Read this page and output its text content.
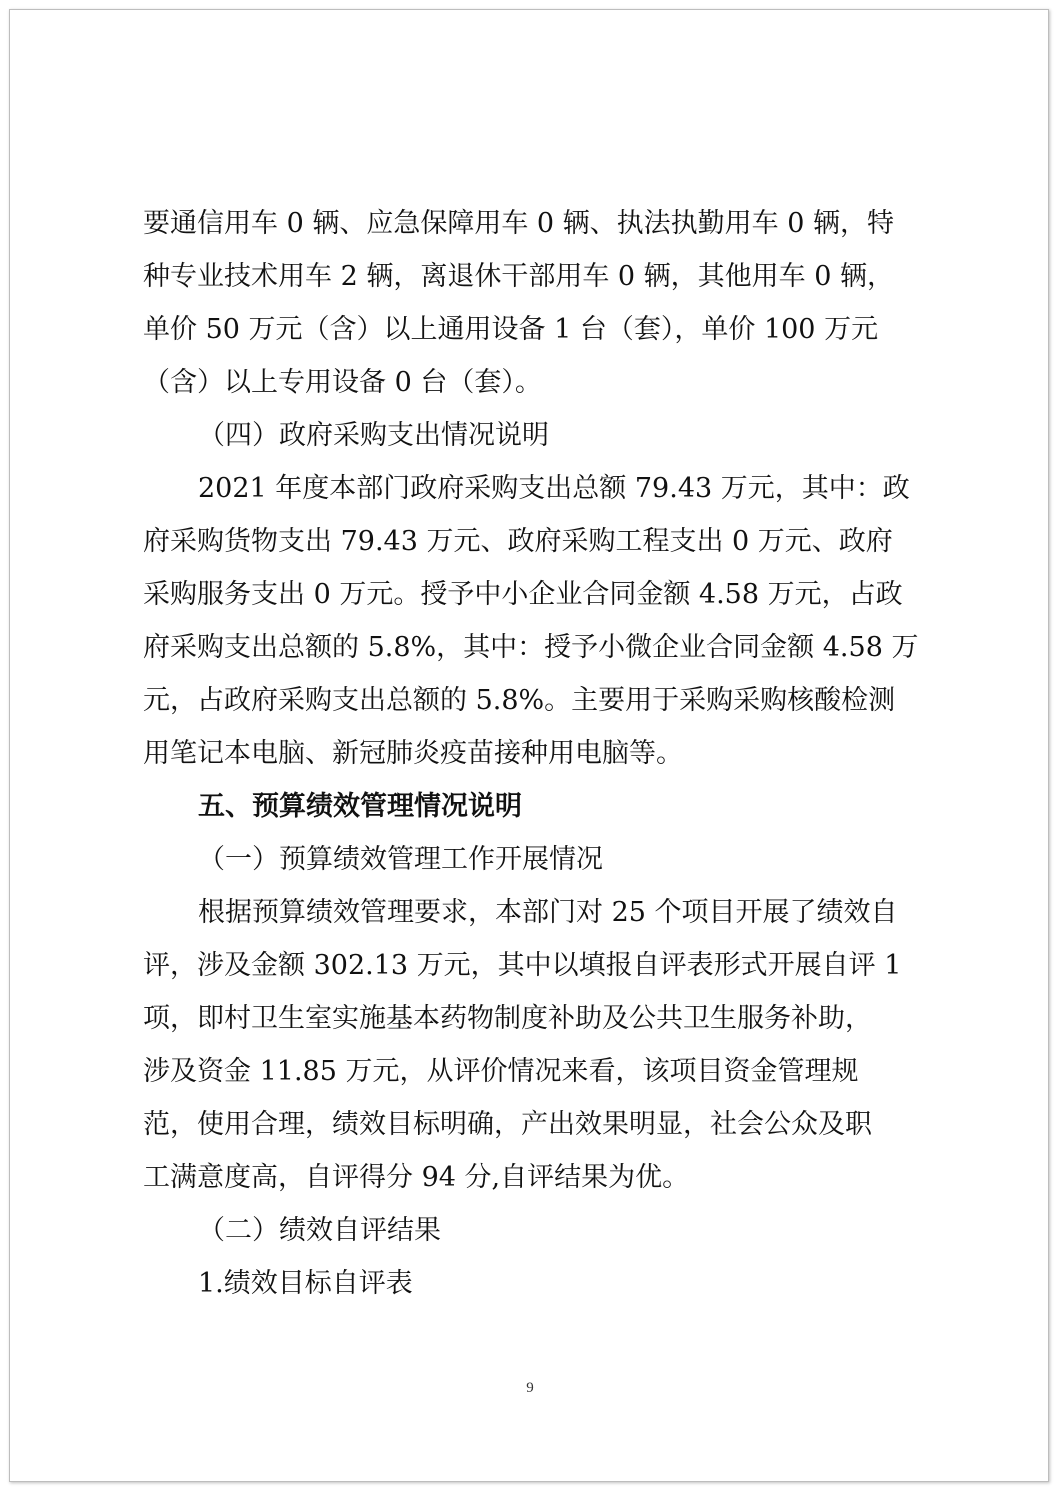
要通信用车 0 辆、应急保障用车 0 辆、执法执勤用车 0 辆，特
种专业技术用车 2 辆，离退休干部用车 0 辆，其他用车 0 辆，
单价 50 万元（含）以上通用设备 1 台（套），单价 100 万元
（含）以上专用设备 0 台（套）。
（四）政府采购支出情况说明
2021 年度本部门政府采购支出总额 79.43 万元，其中：政
府采购货物支出 79.43 万元、政府采购工程支出 0 万元、政府
采购服务支出 0 万元。授予中小企业合同金额 4.58 万元，占政
府采购支出总额的 5.8%，其中：授予小微企业合同金额 4.58 万
元，占政府采购支出总额的 5.8%。主要用于采购采购核酸检测
用笔记本电脑、新冠肺炎疫苗接种用电脑等。
五、预算绩效管理情况说明
（一）预算绩效管理工作开展情况
根据预算绩效管理要求，本部门对 25 个项目开展了绩效自
评，涉及金额 302.13 万元，其中以填报自评表形式开展自评 1
项，即村卫生室实施基本药物制度补助及公共卫生服务补助，
涉及资金 11.85 万元，从评价情况来看，该项目资金管理规
范，使用合理，绩效目标明确，产出效果明显，社会公众及职
工满意度高，自评得分 94 分,自评结果为优。
（二）绩效自评结果
1.绩效目标自评表
9
